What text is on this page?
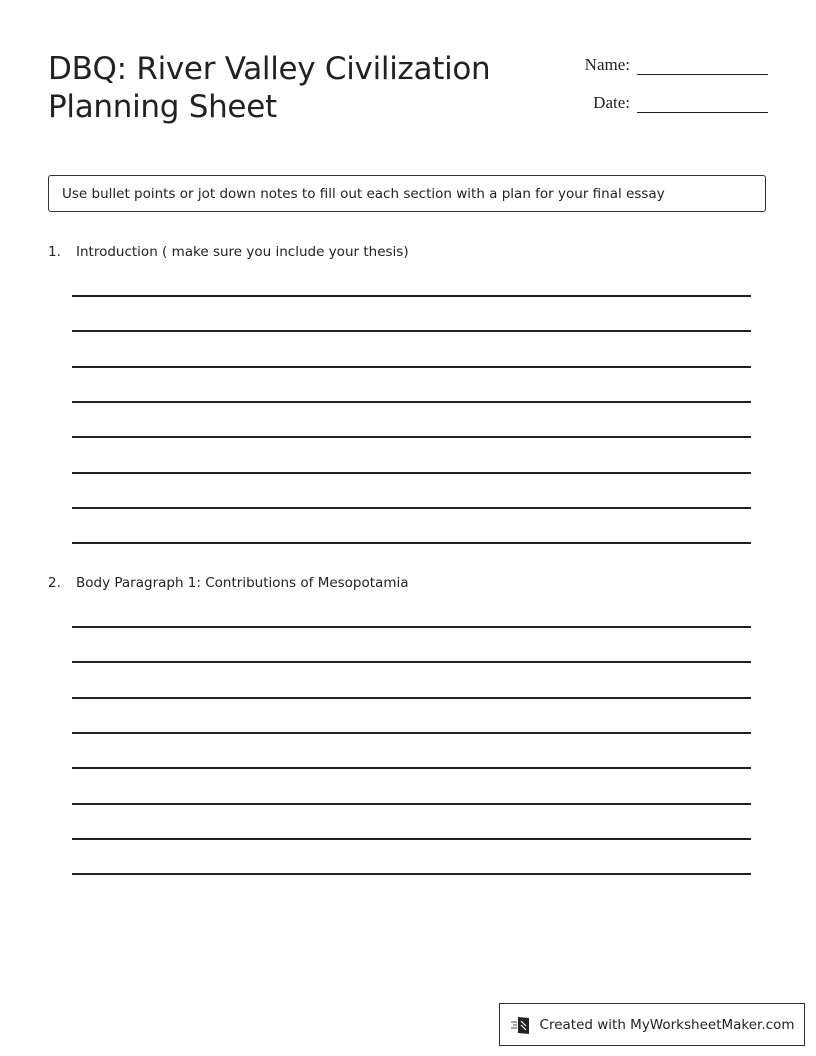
DBQ: River Valley Civilization
Planning Sheet
Name:
Date:
Use bullet points or jot down notes to fill out each section with a plan for your final essay
1.	Introduction ( make sure you include your thesis)
2.	Body Paragraph 1: Contributions of Mesopotamia
Created with MyWorksheetMaker.com
